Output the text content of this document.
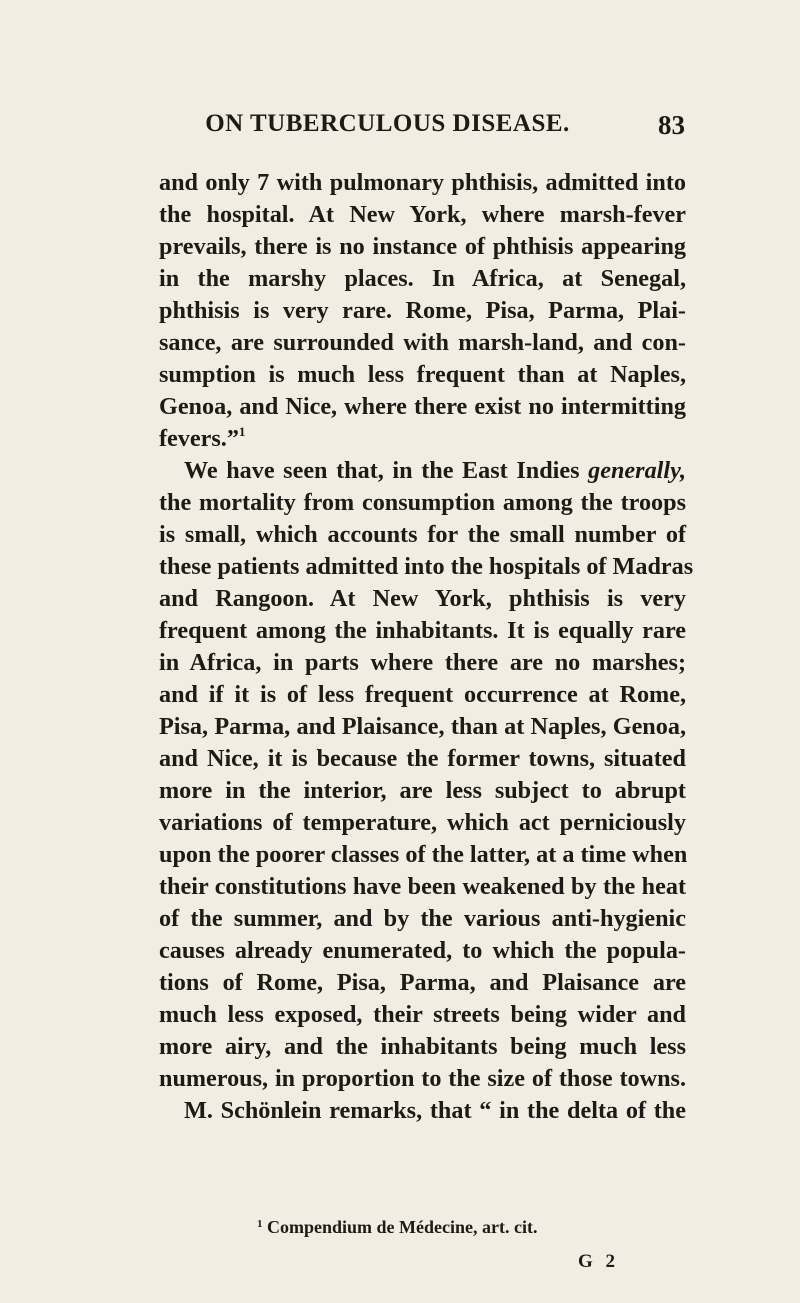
ON TUBERCULOUS DISEASE.	83
and only 7 with pulmonary phthisis, admitted into
the hospital. At New York, where marsh-fever
prevails, there is no instance of phthisis appearing
in the marshy places. In Africa, at Senegal,
phthisis is very rare. Rome, Pisa, Parma, Plai-
sance, are surrounded with marsh-land, and con-
sumption is much less frequent than at Naples,
Genoa, and Nice, where there exist no intermitting
fevers.”$^1$
We have seen that, in the East Indies generally,
the mortality from consumption among the troops
is small, which accounts for the small number of
these patients admitted into the hospitals of Madras
and Rangoon. At New York, phthisis is very
frequent among the inhabitants. It is equally rare
in Africa, in parts where there are no marshes;
and if it is of less frequent occurrence at Rome,
Pisa, Parma, and Plaisance, than at Naples, Genoa,
and Nice, it is because the former towns, situated
more in the interior, are less subject to abrupt
variations of temperature, which act perniciously
upon the poorer classes of the latter, at a time when
their constitutions have been weakened by the heat
of the summer, and by the various anti-hygienic
causes already enumerated, to which the popula-
tions of Rome, Pisa, Parma, and Plaisance are
much less exposed, their streets being wider and
more airy, and the inhabitants being much less
numerous, in proportion to the size of those towns.
M. Schönlein remarks, that “ in the delta of the
$^1$ Compendium de Médecine, art. cit.
G 2
